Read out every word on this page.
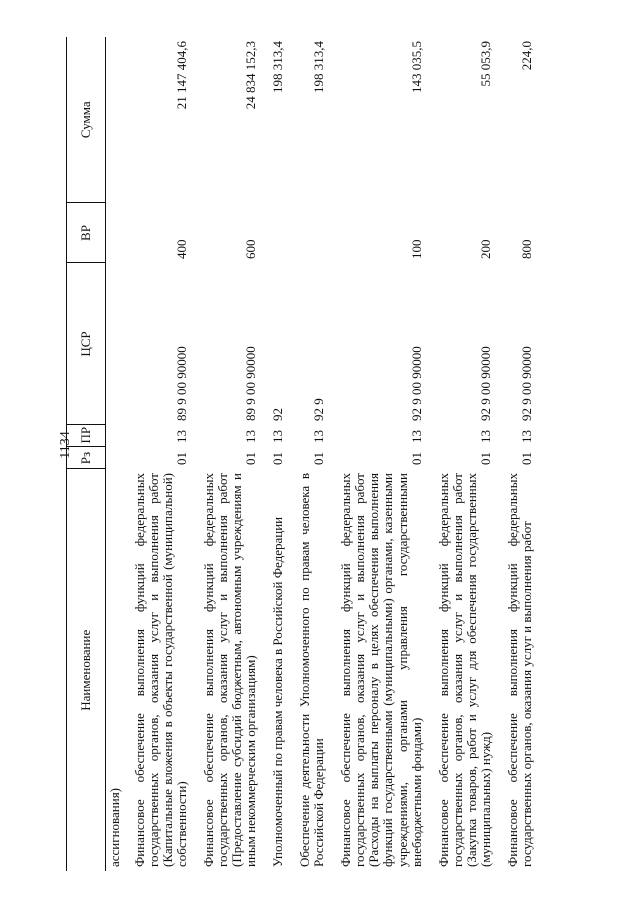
1134
Наименование	Рз	ПР	ЦСР	ВР	Сумма
ассигнования)					
Финансовое обеспечение выполнения функций федеральных государственных органов, оказания услуг и выполнения работ (Капитальные вложения в объекты государственной (муниципальной) собственности)	01	13	89 9 00 90000	400	21 147 404,6
Финансовое обеспечение выполнения функций федеральных государственных органов, оказания услуг и выполнения работ (Предоставление субсидий бюджетным, автономным учреждениям и иным некоммерческим организациям)	01	13	89 9 00 90000	600	24 834 152,3
Уполномоченный по правам человека в Российской Федерации	01	13	92		198 313,4
Обеспечение деятельности Уполномоченного по правам человека в Российской Федерации	01	13	92 9		198 313,4
Финансовое обеспечение выполнения функций федеральных государственных органов, оказания услуг и выполнения работ (Расходы на выплаты персоналу в целях обеспечения выполнения функций государственными (муниципальными) органами, казенными учреждениями, органами управления государственными внебюджетными фондами)	01	13	92 9 00 90000	100	143 035,5
Финансовое обеспечение выполнения функций федеральных государственных органов, оказания услуг и выполнения работ (Закупка товаров, работ и услуг для обеспечения государственных (муниципальных) нужд)	01	13	92 9 00 90000	200	55 053,9
Финансовое обеспечение выполнения функций федеральных государственных органов, оказания услуг и выполнения работ	01	13	92 9 00 90000	800	224,0
